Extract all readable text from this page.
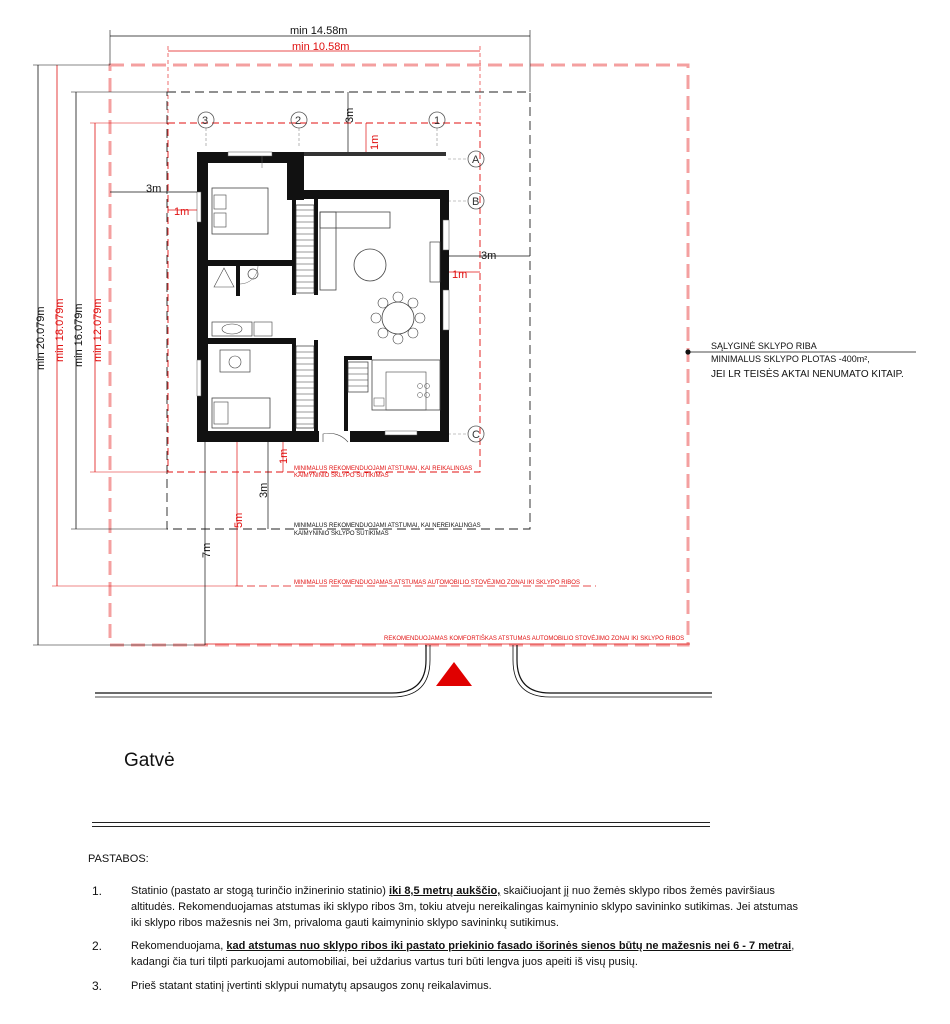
min 14.58m
min 10.58m
min 20.079m min 18.079m min 16.079m min 12.079m
3	2	1
A
B
C
3m
1m
3m
1m
3m
1m
3m
1m
5m
7m
MINIMALUS REKOMENDUOJAMI ATSTUMAI, KAI REIKALINGAS
KAIMYNINIO SKLYPO SUTIKIMAS
MINIMALUS REKOMENDUOJAMI ATSTUMAI, KAI NEREIKALINGAS
KAIMYNINIO SKLYPO SUTIKIMAS
MINIMALUS REKOMENDUOJAMAS ATSTUMAS AUTOMOBILIO STOVĖJIMO ZONAI IKI SKLYPO RIBOS
REKOMENDUOJAMAS KOMFORTIŠKAS ATSTUMAS AUTOMOBILIO STOVĖJIMO ZONAI IKI SKLYPO RIBOS
SĄLYGINĖ SKLYPO RIBA
MINIMALUS SKLYPO PLOTAS -400m²,
JEI LR TEISĖS AKTAI NENUMATO KITAIP.
Gatvė
PASTABOS:
1.	Statinio (pastato ar stogą turinčio inžinerinio statinio) iki 8,5 metrų aukščio, skaičiuojant jį nuo žemės sklypo ribos žemės paviršiaus altitudės. Rekomenduojamas atstumas iki sklypo ribos 3m, tokiu atveju nereikalingas kaimyninio sklypo savininko sutikimas. Jei atstumas iki sklypo ribos mažesnis nei 3m, privaloma gauti kaimyninio sklypo savininkų sutikimus.
2.	Rekomenduojama, kad atstumas nuo sklypo ribos iki pastato priekinio fasado išorinės sienos būtų ne mažesnis nei 6 - 7 metrai, kadangi čia turi tilpti parkuojami automobiliai, bei uždarius vartus turi būti lengva juos apeiti iš visų pusių.
3.	Prieš statant statinį įvertinti sklypui numatytų apsaugos zonų reikalavimus.
